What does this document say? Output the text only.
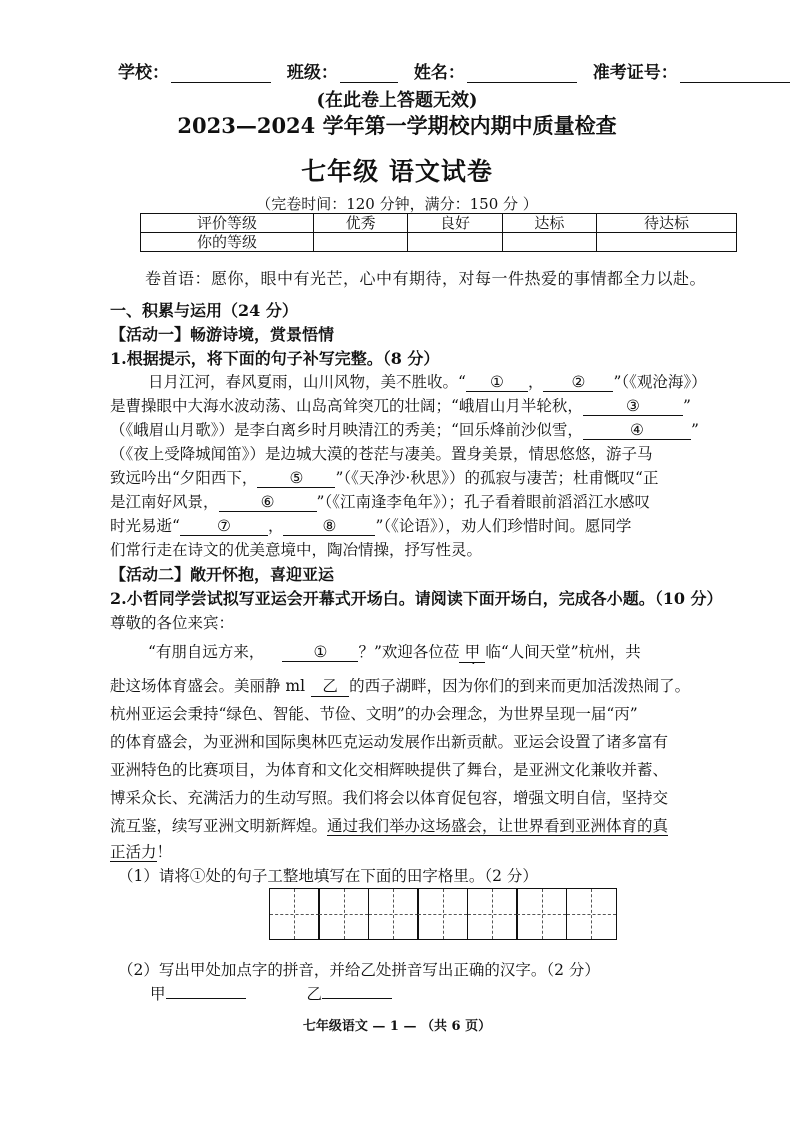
学校：	班级：	姓名：	准考证号：
(在此卷上答题无效)
2023—2024 学年第一学期校内期中质量检查
七年级 语文试卷
（完卷时间：120 分钟，满分：150 分 ）
评价等级	优秀	良好	达标	待达标
你的等级				
卷首语：愿你，眼中有光芒，心中有期待，对每一件热爱的事情都全力以赴。
一、积累与运用（24 分）
【活动一】畅游诗境，赏景悟情
1.根据提示，将下面的句子补写完整。（8 分）
日月江河，春风夏雨，山川风物，美不胜收。“ ① ， ② ”（《观沧海》）
是曹操眼中大海水波动荡、山岛高耸突兀的壮阔；“峨眉山月半轮秋，	③	”
（《峨眉山月歌》）是李白离乡时月映清江的秀美；“回乐烽前沙似雪，	④	”
（《夜上受降城闻笛》）是边城大漠的苍茫与凄美。置身美景，情思悠悠，游子马
致远吟出“夕阳西下， ⑤ ”（《天净沙·秋思》）的孤寂与凄苦；杜甫慨叹“正
是江南好风景，	⑥	”（《江南逢李龟年》）；孔子看着眼前滔滔江水感叹
时光易逝“ ⑦ ，	⑧	”（《论语》），劝人们珍惜时间。愿同学
们常行走在诗文的优美意境中，陶冶情操，抒写性灵。
【活动二】敞开怀抱，喜迎亚运
2.小哲同学尝试拟写亚运会开幕式开场白。请阅读下面开场白，完成各小题。（10 分）
尊敬的各位来宾：
“有朋自远方来，	① ？”欢迎各位莅 甲 临“人间天堂”杭州，共
赴这场体育盛会。美丽静 ml 乙 的西子湖畔，因为你们的到来而更加活泼热闹了。
杭州亚运会秉持“绿色、智能、节俭、文明”的办会理念，为世界呈现一届“丙”
的体育盛会，为亚洲和国际奥林匹克运动发展作出新贡献。亚运会设置了诸多富有
亚洲特色的比赛项目，为体育和文化交相辉映提供了舞台，是亚洲文化兼收并蓄、
博采众长、充满活力的生动写照。我们将会以体育促包容，增强文明自信，坚持交
流互鉴，续写亚洲文明新辉煌。通过我们举办这场盛会，让世界看到亚洲体育的真
正活力！
（1）请将①处的句子工整地填写在下面的田字格里。（2 分）
（2）写出甲处加点字的拼音，并给乙处拼音写出正确的汉字。（2 分）
甲	乙
七年级语文 — 1 — （共 6 页）
